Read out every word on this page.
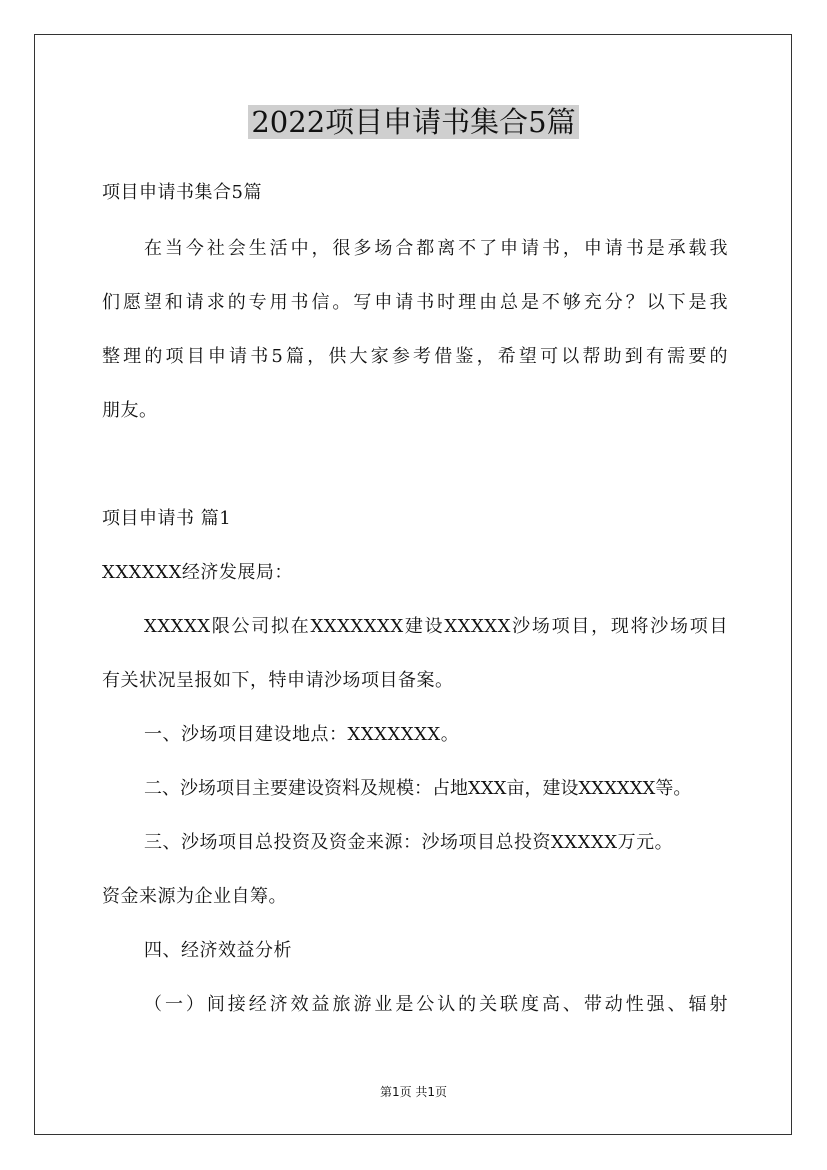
2022项目申请书集合5篇
项目申请书集合5篇
在当今社会生活中，很多场合都离不了申请书，申请书是承载我
们愿望和请求的专用书信。写申请书时理由总是不够充分？以下是我
整理的项目申请书5篇，供大家参考借鉴，希望可以帮助到有需要的
朋友。
项目申请书 篇1
XXXXXX经济发展局：
XXXXX限公司拟在XXXXXXX建设XXXXX沙场项目，现将沙场项目
有关状况呈报如下，特申请沙场项目备案。
一、沙场项目建设地点：XXXXXXX。
二、沙场项目主要建设资料及规模：占地XXX亩，建设XXXXXX等。
三、沙场项目总投资及资金来源：沙场项目总投资XXXXX万元。
资金来源为企业自筹。
四、经济效益分析
（一）间接经济效益旅游业是公认的关联度高、带动性强、辐射
第1页 共1页
